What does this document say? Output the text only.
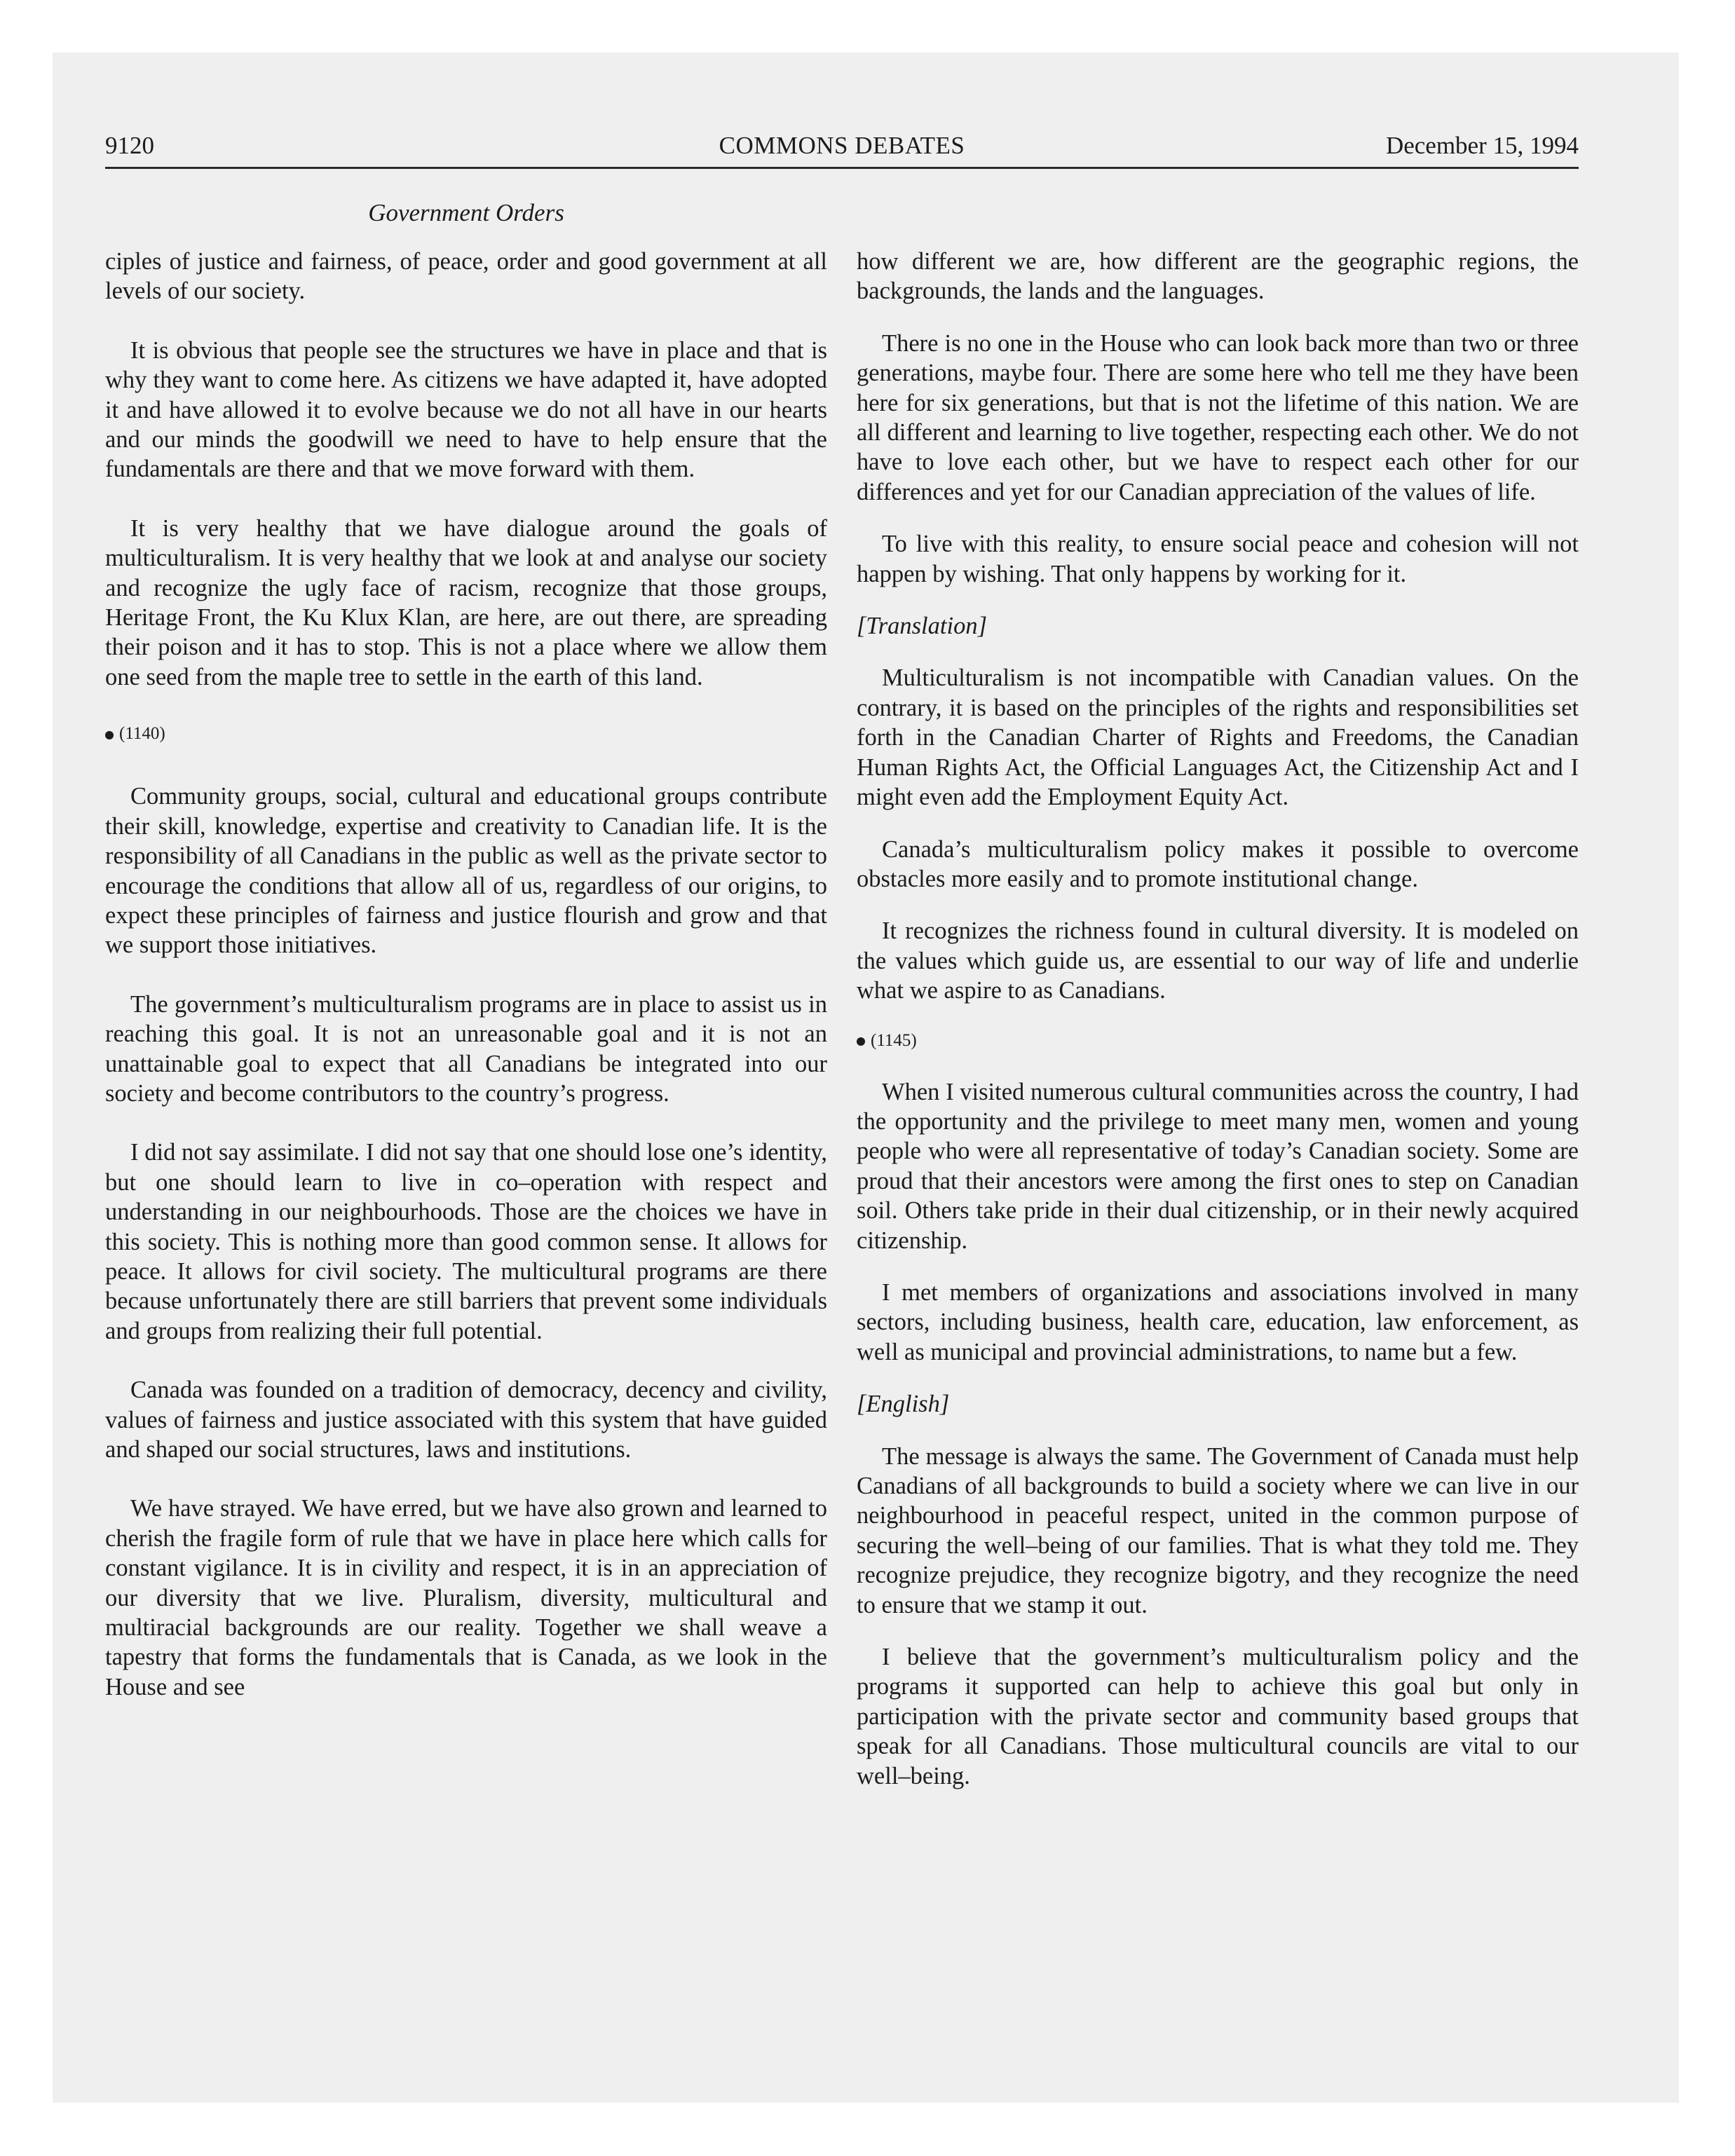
9120	COMMONS DEBATES	December 15, 1994
Government Orders

ciples of justice and fairness, of peace, order and good government at all levels of our society.

It is obvious that people see the structures we have in place and that is why they want to come here. As citizens we have adapted it, have adopted it and have allowed it to evolve because we do not all have in our hearts and our minds the goodwill we need to have to help ensure that the fundamentals are there and that we move forward with them.

It is very healthy that we have dialogue around the goals of multiculturalism. It is very healthy that we look at and analyse our society and recognize the ugly face of racism, recognize that those groups, Heritage Front, the Ku Klux Klan, are here, are out there, are spreading their poison and it has to stop. This is not a place where we allow them one seed from the maple tree to settle in the earth of this land.

(1140)

Community groups, social, cultural and educational groups contribute their skill, knowledge, expertise and creativity to Canadian life. It is the responsibility of all Canadians in the public as well as the private sector to encourage the conditions that allow all of us, regardless of our origins, to expect these principles of fairness and justice flourish and grow and that we support those initiatives.

The government’s multiculturalism programs are in place to assist us in reaching this goal. It is not an unreasonable goal and it is not an unattainable goal to expect that all Canadians be integrated into our society and become contributors to the country’s progress.

I did not say assimilate. I did not say that one should lose one’s identity, but one should learn to live in co–operation with respect and understanding in our neighbourhoods. Those are the choices we have in this society. This is nothing more than good common sense. It allows for peace. It allows for civil society. The multicultural programs are there because unfortunately there are still barriers that prevent some individuals and groups from realizing their full potential.

Canada was founded on a tradition of democracy, decency and civility, values of fairness and justice associated with this system that have guided and shaped our social structures, laws and institutions.

We have strayed. We have erred, but we have also grown and learned to cherish the fragile form of rule that we have in place here which calls for constant vigilance. It is in civility and respect, it is in an appreciation of our diversity that we live. Pluralism, diversity, multicultural and multiracial backgrounds are our reality. Together we shall weave a tapestry that forms the fundamentals that is Canada, as we look in the House and see

how different we are, how different are the geographic regions, the backgrounds, the lands and the languages.

There is no one in the House who can look back more than two or three generations, maybe four. There are some here who tell me they have been here for six generations, but that is not the lifetime of this nation. We are all different and learning to live together, respecting each other. We do not have to love each other, but we have to respect each other for our differences and yet for our Canadian appreciation of the values of life.

To live with this reality, to ensure social peace and cohesion will not happen by wishing. That only happens by working for it.

[Translation]

Multiculturalism is not incompatible with Canadian values. On the contrary, it is based on the principles of the rights and responsibilities set forth in the Canadian Charter of Rights and Freedoms, the Canadian Human Rights Act, the Official Languages Act, the Citizenship Act and I might even add the Employment Equity Act.

Canada’s multiculturalism policy makes it possible to overcome obstacles more easily and to promote institutional change.

It recognizes the richness found in cultural diversity. It is modeled on the values which guide us, are essential to our way of life and underlie what we aspire to as Canadians.

(1145)

When I visited numerous cultural communities across the country, I had the opportunity and the privilege to meet many men, women and young people who were all representative of today’s Canadian society. Some are proud that their ancestors were among the first ones to step on Canadian soil. Others take pride in their dual citizenship, or in their newly acquired citizenship.

I met members of organizations and associations involved in many sectors, including business, health care, education, law enforcement, as well as municipal and provincial administrations, to name but a few.

[English]

The message is always the same. The Government of Canada must help Canadians of all backgrounds to build a society where we can live in our neighbourhood in peaceful respect, united in the common purpose of securing the well–being of our families. That is what they told me. They recognize prejudice, they recognize bigotry, and they recognize the need to ensure that we stamp it out.

I believe that the government’s multiculturalism policy and the programs it supported can help to achieve this goal but only in participation with the private sector and community based groups that speak for all Canadians. Those multicultural councils are vital to our well–being.
